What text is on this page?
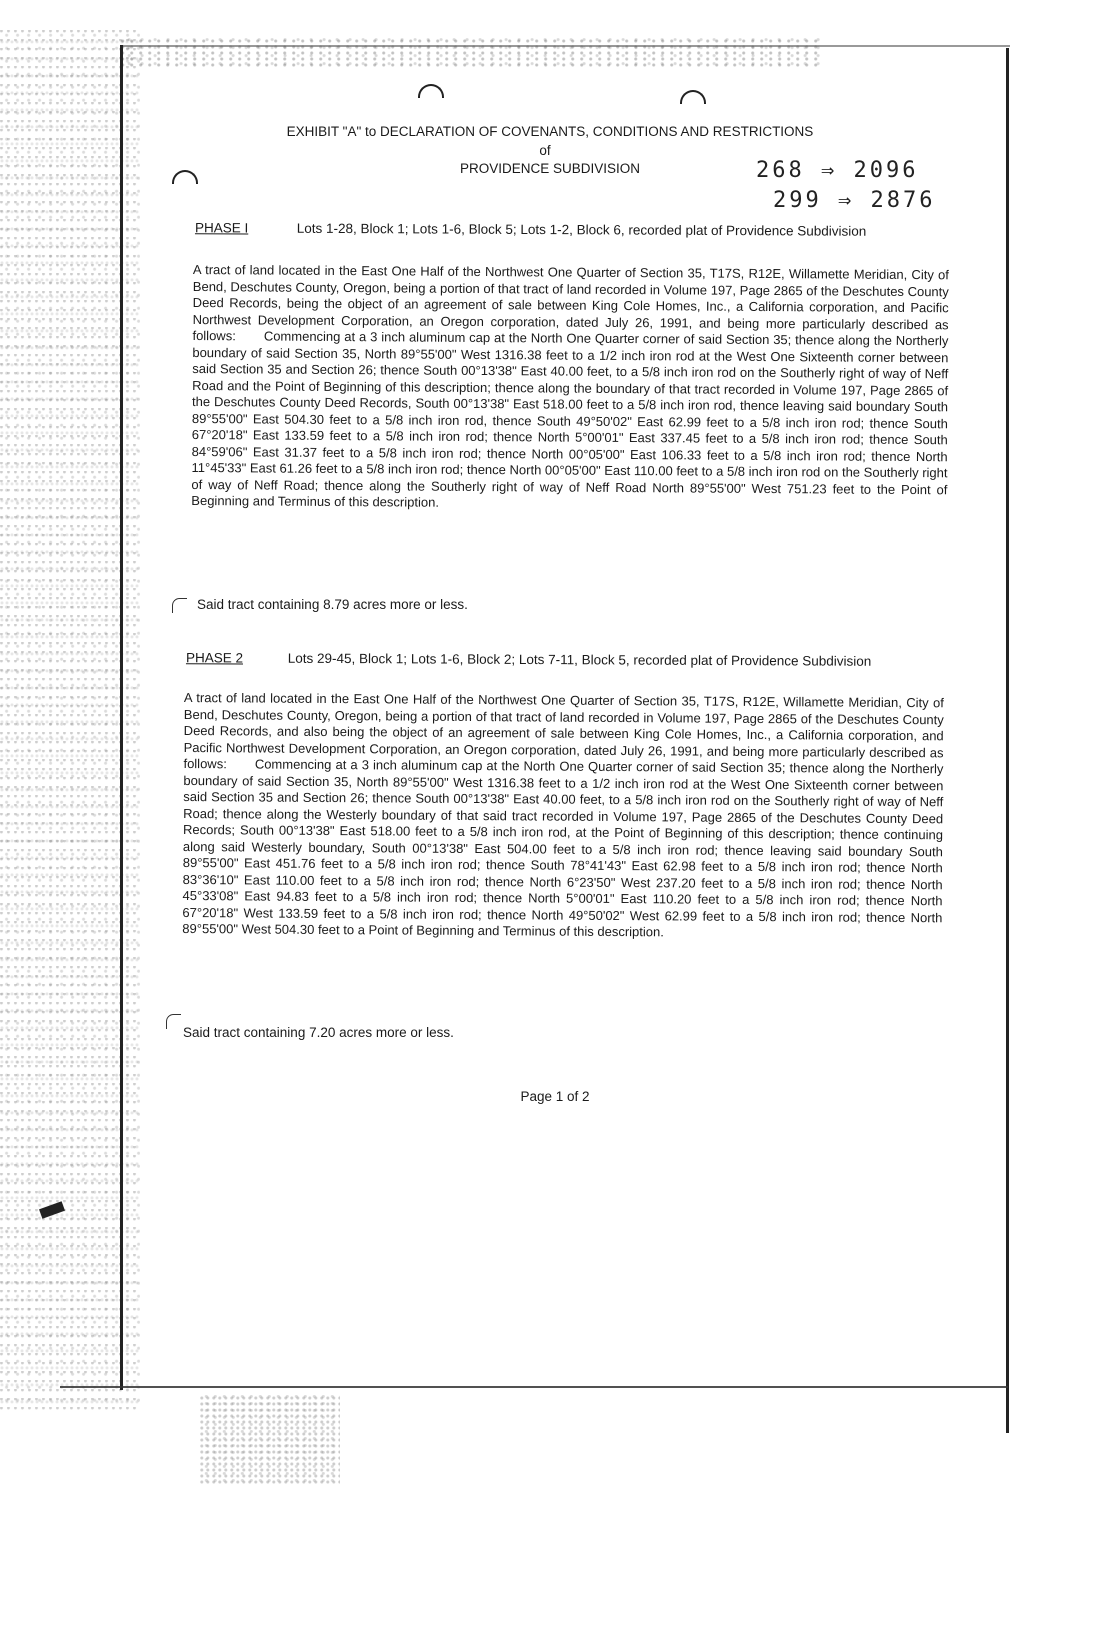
EXHIBIT "A" to DECLARATION OF COVENANTS, CONDITIONS AND RESTRICTIONS
of
PROVIDENCE SUBDIVISION	268 ⇒ 2096
299 ⇒ 2876
PHASE I	Lots 1-28, Block 1; Lots 1-6, Block 5; Lots 1-2, Block 6, recorded plat of Providence Subdivision
A tract of land located in the East One Half of the Northwest One Quarter of Section 35, T17S, R12E, Willamette Meridian, City of Bend, Deschutes County, Oregon, being a portion of that tract of land recorded in Volume 197, Page 2865 of the Deschutes County Deed Records, being the object of an agreement of sale between King Cole Homes, Inc., a California corporation, and Pacific Northwest Development Corporation, an Oregon corporation, dated July 26, 1991, and being more particularly described as follows: Commencing at a 3 inch aluminum cap at the North One Quarter corner of said Section 35; thence along the Northerly boundary of said Section 35, North 89°55'00" West 1316.38 feet to a 1/2 inch iron rod at the West One Sixteenth corner between said Section 35 and Section 26; thence South 00°13'38" East 40.00 feet, to a 5/8 inch iron rod on the Southerly right of way of Neff Road and the Point of Beginning of this description; thence along the boundary of that tract recorded in Volume 197, Page 2865 of the Deschutes County Deed Records, South 00°13'38" East 518.00 feet to a 5/8 inch iron rod, thence leaving said boundary South 89°55'00" East 504.30 feet to a 5/8 inch iron rod, thence South 49°50'02" East 62.99 feet to a 5/8 inch iron rod; thence South 67°20'18" East 133.59 feet to a 5/8 inch iron rod; thence North 5°00'01" East 337.45 feet to a 5/8 inch iron rod; thence South 84°59'06" East 31.37 feet to a 5/8 inch iron rod; thence North 00°05'00" East 106.33 feet to a 5/8 inch iron rod; thence North 11°45'33" East 61.26 feet to a 5/8 inch iron rod; thence North 00°05'00" East 110.00 feet to a 5/8 inch iron rod on the Southerly right of way of Neff Road; thence along the Southerly right of way of Neff Road North 89°55'00" West 751.23 feet to the Point of Beginning and Terminus of this description.
Said tract containing 8.79 acres more or less.
PHASE 2	Lots 29-45, Block 1; Lots 1-6, Block 2; Lots 7-11, Block 5, recorded plat of Providence Subdivision
A tract of land located in the East One Half of the Northwest One Quarter of Section 35, T17S, R12E, Willamette Meridian, City of Bend, Deschutes County, Oregon, being a portion of that tract of land recorded in Volume 197, Page 2865 of the Deschutes County Deed Records, and also being the object of an agreement of sale between King Cole Homes, Inc., a California corporation, and Pacific Northwest Development Corporation, an Oregon corporation, dated July 26, 1991, and being more particularly described as follows: Commencing at a 3 inch aluminum cap at the North One Quarter corner of said Section 35; thence along the Northerly boundary of said Section 35, North 89°55'00" West 1316.38 feet to a 1/2 inch iron rod at the West One Sixteenth corner between said Section 35 and Section 26; thence South 00°13'38" East 40.00 feet, to a 5/8 inch iron rod on the Southerly right of way of Neff Road; thence along the Westerly boundary of that said tract recorded in Volume 197, Page 2865 of the Deschutes County Deed Records; South 00°13'38" East 518.00 feet to a 5/8 inch iron rod, at the Point of Beginning of this description; thence continuing along said Westerly boundary, South 00°13'38" East 504.00 feet to a 5/8 inch iron rod; thence leaving said boundary South 89°55'00" East 451.76 feet to a 5/8 inch iron rod; thence South 78°41'43" East 62.98 feet to a 5/8 inch iron rod; thence North 83°36'10" East 110.00 feet to a 5/8 inch iron rod; thence North 6°23'50" West 237.20 feet to a 5/8 inch iron rod; thence North 45°33'08" East 94.83 feet to a 5/8 inch iron rod; thence North 5°00'01" East 110.20 feet to a 5/8 inch iron rod; thence North 67°20'18" West 133.59 feet to a 5/8 inch iron rod; thence North 49°50'02" West 62.99 feet to a 5/8 inch iron rod; thence North 89°55'00" West 504.30 feet to a Point of Beginning and Terminus of this description.
Said tract containing 7.20 acres more or less.
Page 1 of 2
